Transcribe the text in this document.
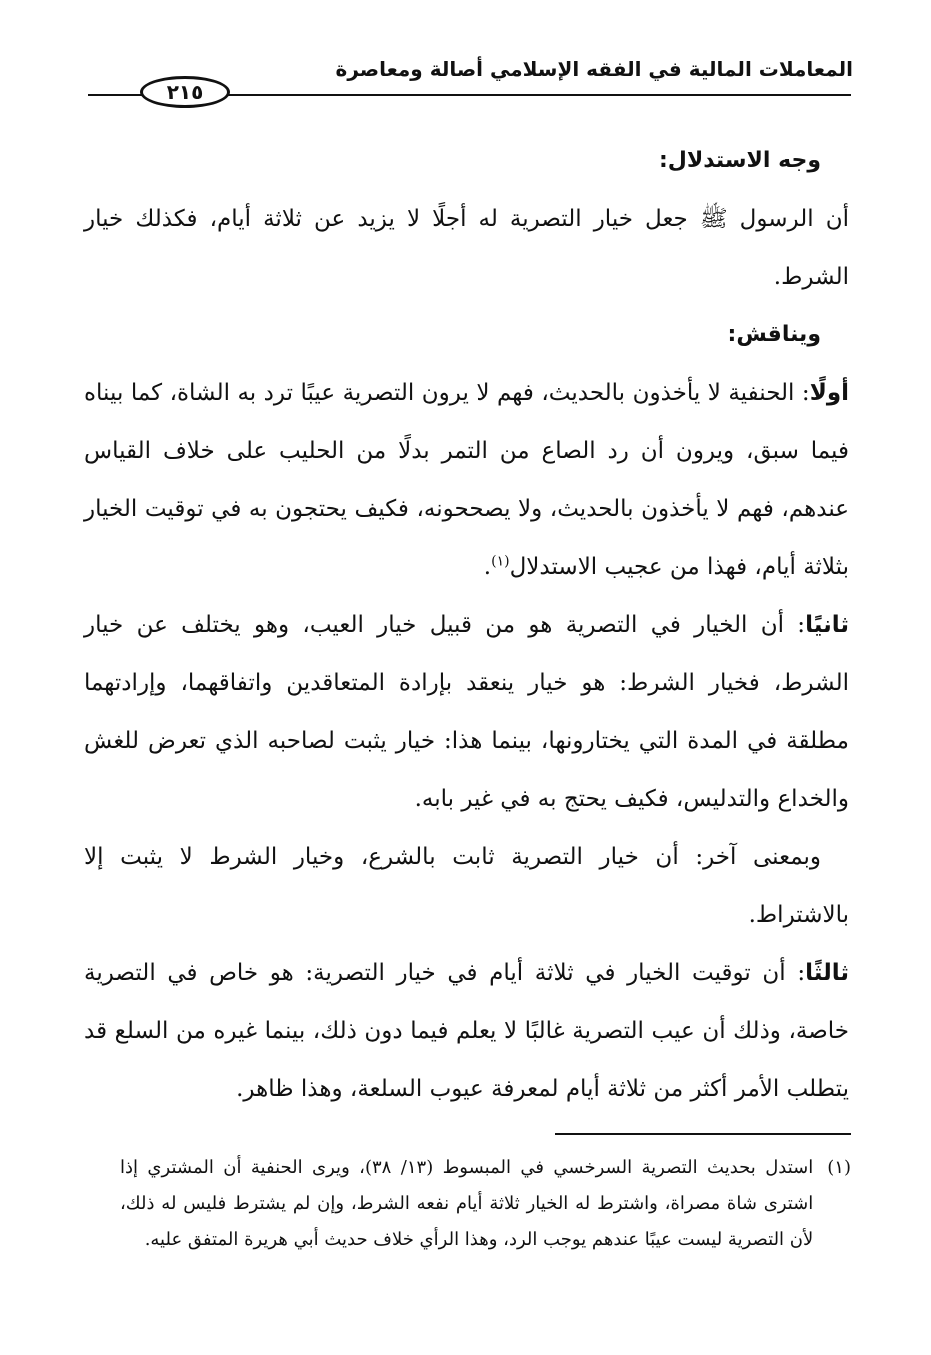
المعاملات المالية في الفقه الإسلامي أصالة ومعاصرة
٢١٥

وجه الاستدلال:

أن الرسول ﷺ جعل خيار التصرية له أجلًا لا يزيد عن ثلاثة أيام، فكذلك خيار الشرط.

ويناقش:

أولًا: الحنفية لا يأخذون بالحديث، فهم لا يرون التصرية عيبًا ترد به الشاة، كما بيناه فيما سبق، ويرون أن رد الصاع من التمر بدلًا من الحليب على خلاف القياس عندهم، فهم لا يأخذون بالحديث، ولا يصححونه، فكيف يحتجون به في توقيت الخيار بثلاثة أيام، فهذا من عجيب الاستدلال$^{(١)}$.

ثانيًا: أن الخيار في التصرية هو من قبيل خيار العيب، وهو يختلف عن خيار الشرط، فخيار الشرط: هو خيار ينعقد بإرادة المتعاقدين واتفاقهما، وإرادتهما مطلقة في المدة التي يختارونها، بينما هذا: خيار يثبت لصاحبه الذي تعرض للغش والخداع والتدليس، فكيف يحتج به في غير بابه.

وبمعنى آخر: أن خيار التصرية ثابت بالشرع، وخيار الشرط لا يثبت إلا بالاشتراط.

ثالثًا: أن توقيت الخيار في ثلاثة أيام في خيار التصرية: هو خاص في التصرية خاصة، وذلك أن عيب التصرية غالبًا لا يعلم فيما دون ذلك، بينما غيره من السلع قد يتطلب الأمر أكثر من ثلاثة أيام لمعرفة عيوب السلعة، وهذا ظاهر.

(١)
استدل بحديث التصرية السرخسي في المبسوط (١٣/ ٣٨)، ويرى الحنفية أن المشتري إذا اشترى شاة مصراة، واشترط له الخيار ثلاثة أيام نفعه الشرط، وإن لم يشترط فليس له ذلك، لأن التصرية ليست عيبًا عندهم يوجب الرد، وهذا الرأي خلاف حديث أبي هريرة المتفق عليه.
